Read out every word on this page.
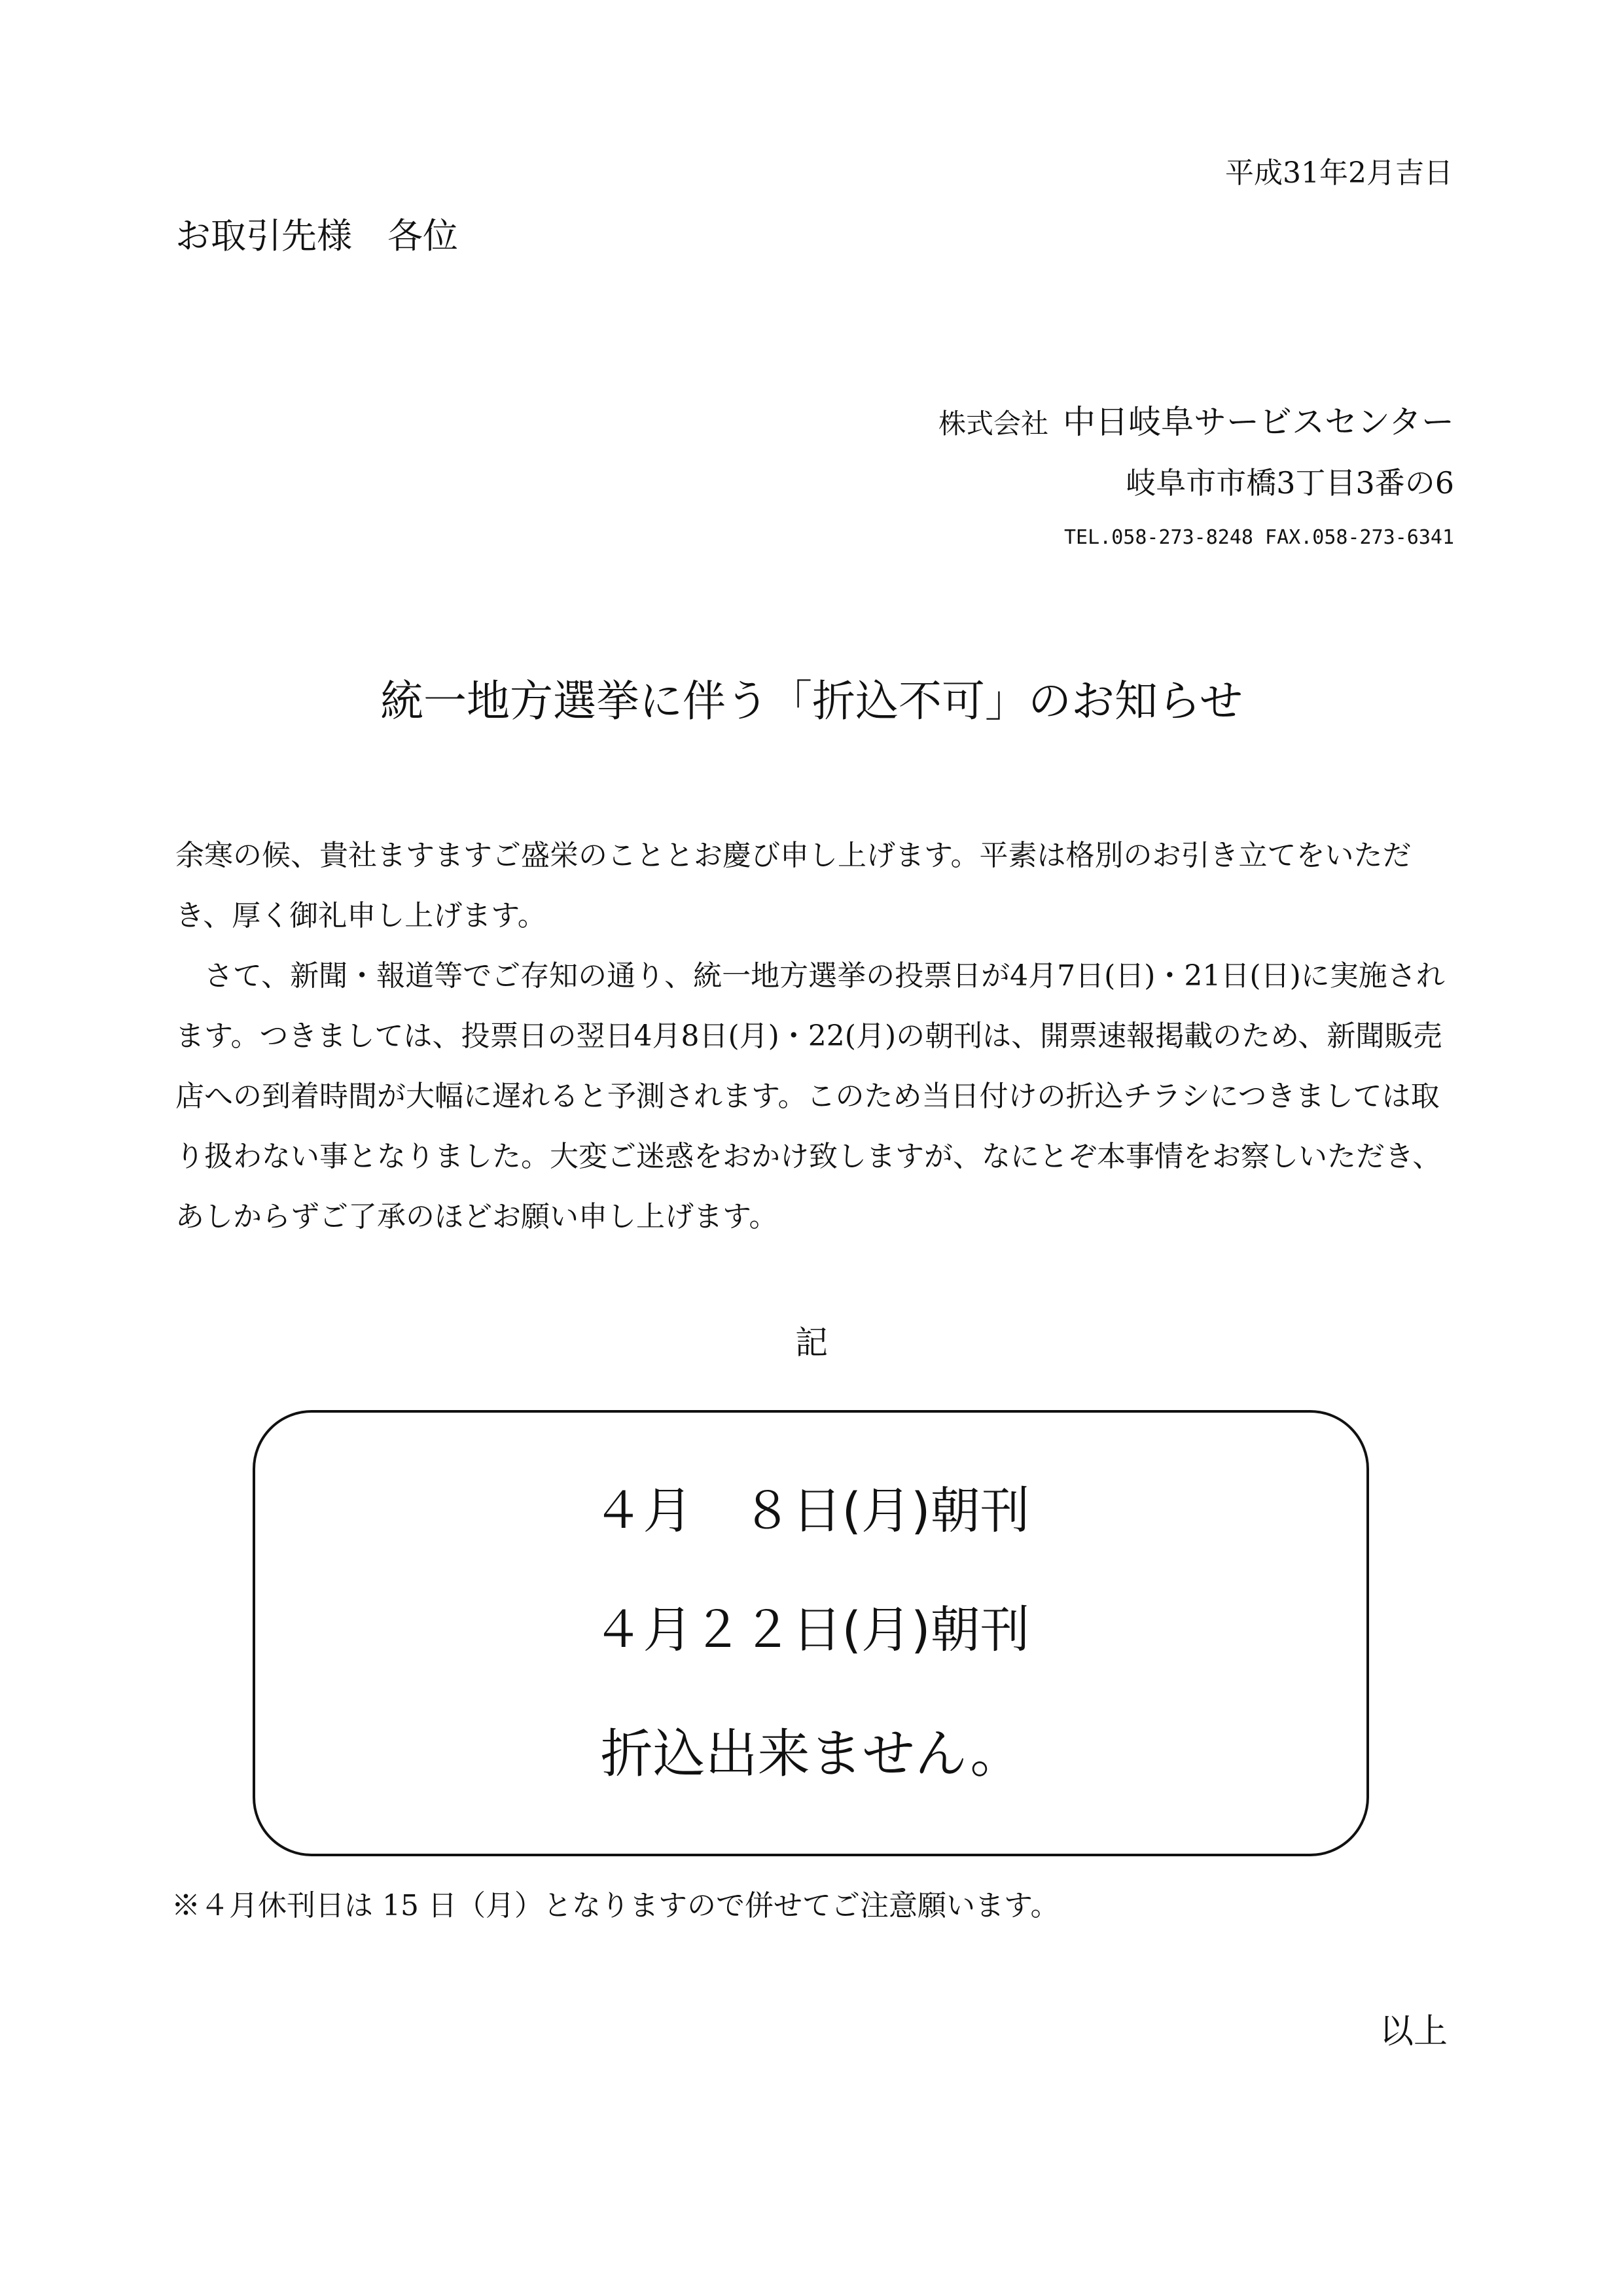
平成31年2月吉日
お取引先様　各位
株式会社 中日岐阜サービスセンター
岐阜市市橋3丁目3番の6
TEL.058-273-8248 FAX.058-273-6341
統一地方選挙に伴う「折込不可」のお知らせ

余寒の候、貴社ますますご盛栄のこととお慶び申し上げます。平素は格別のお引き立てをいただき、厚く御礼申し上げます。

さて、新聞・報道等でご存知の通り、統一地方選挙の投票日が4月7日(日)・21日(日)に実施されます。つきましては、投票日の翌日4月8日(月)・22(月)の朝刊は、開票速報掲載のため、新聞販売店への到着時間が大幅に遅れると予測されます。このため当日付けの折込チラシにつきましては取り扱わない事となりました。大変ご迷惑をおかけ致しますが、なにとぞ本事情をお察しいただき、あしからずご了承のほどお願い申し上げます。

記
４月　８日(月)朝刊
４月２２日(月)朝刊
折込出来ません。
※４月休刊日は 15 日（月）となりますので併せてご注意願います。
以上
